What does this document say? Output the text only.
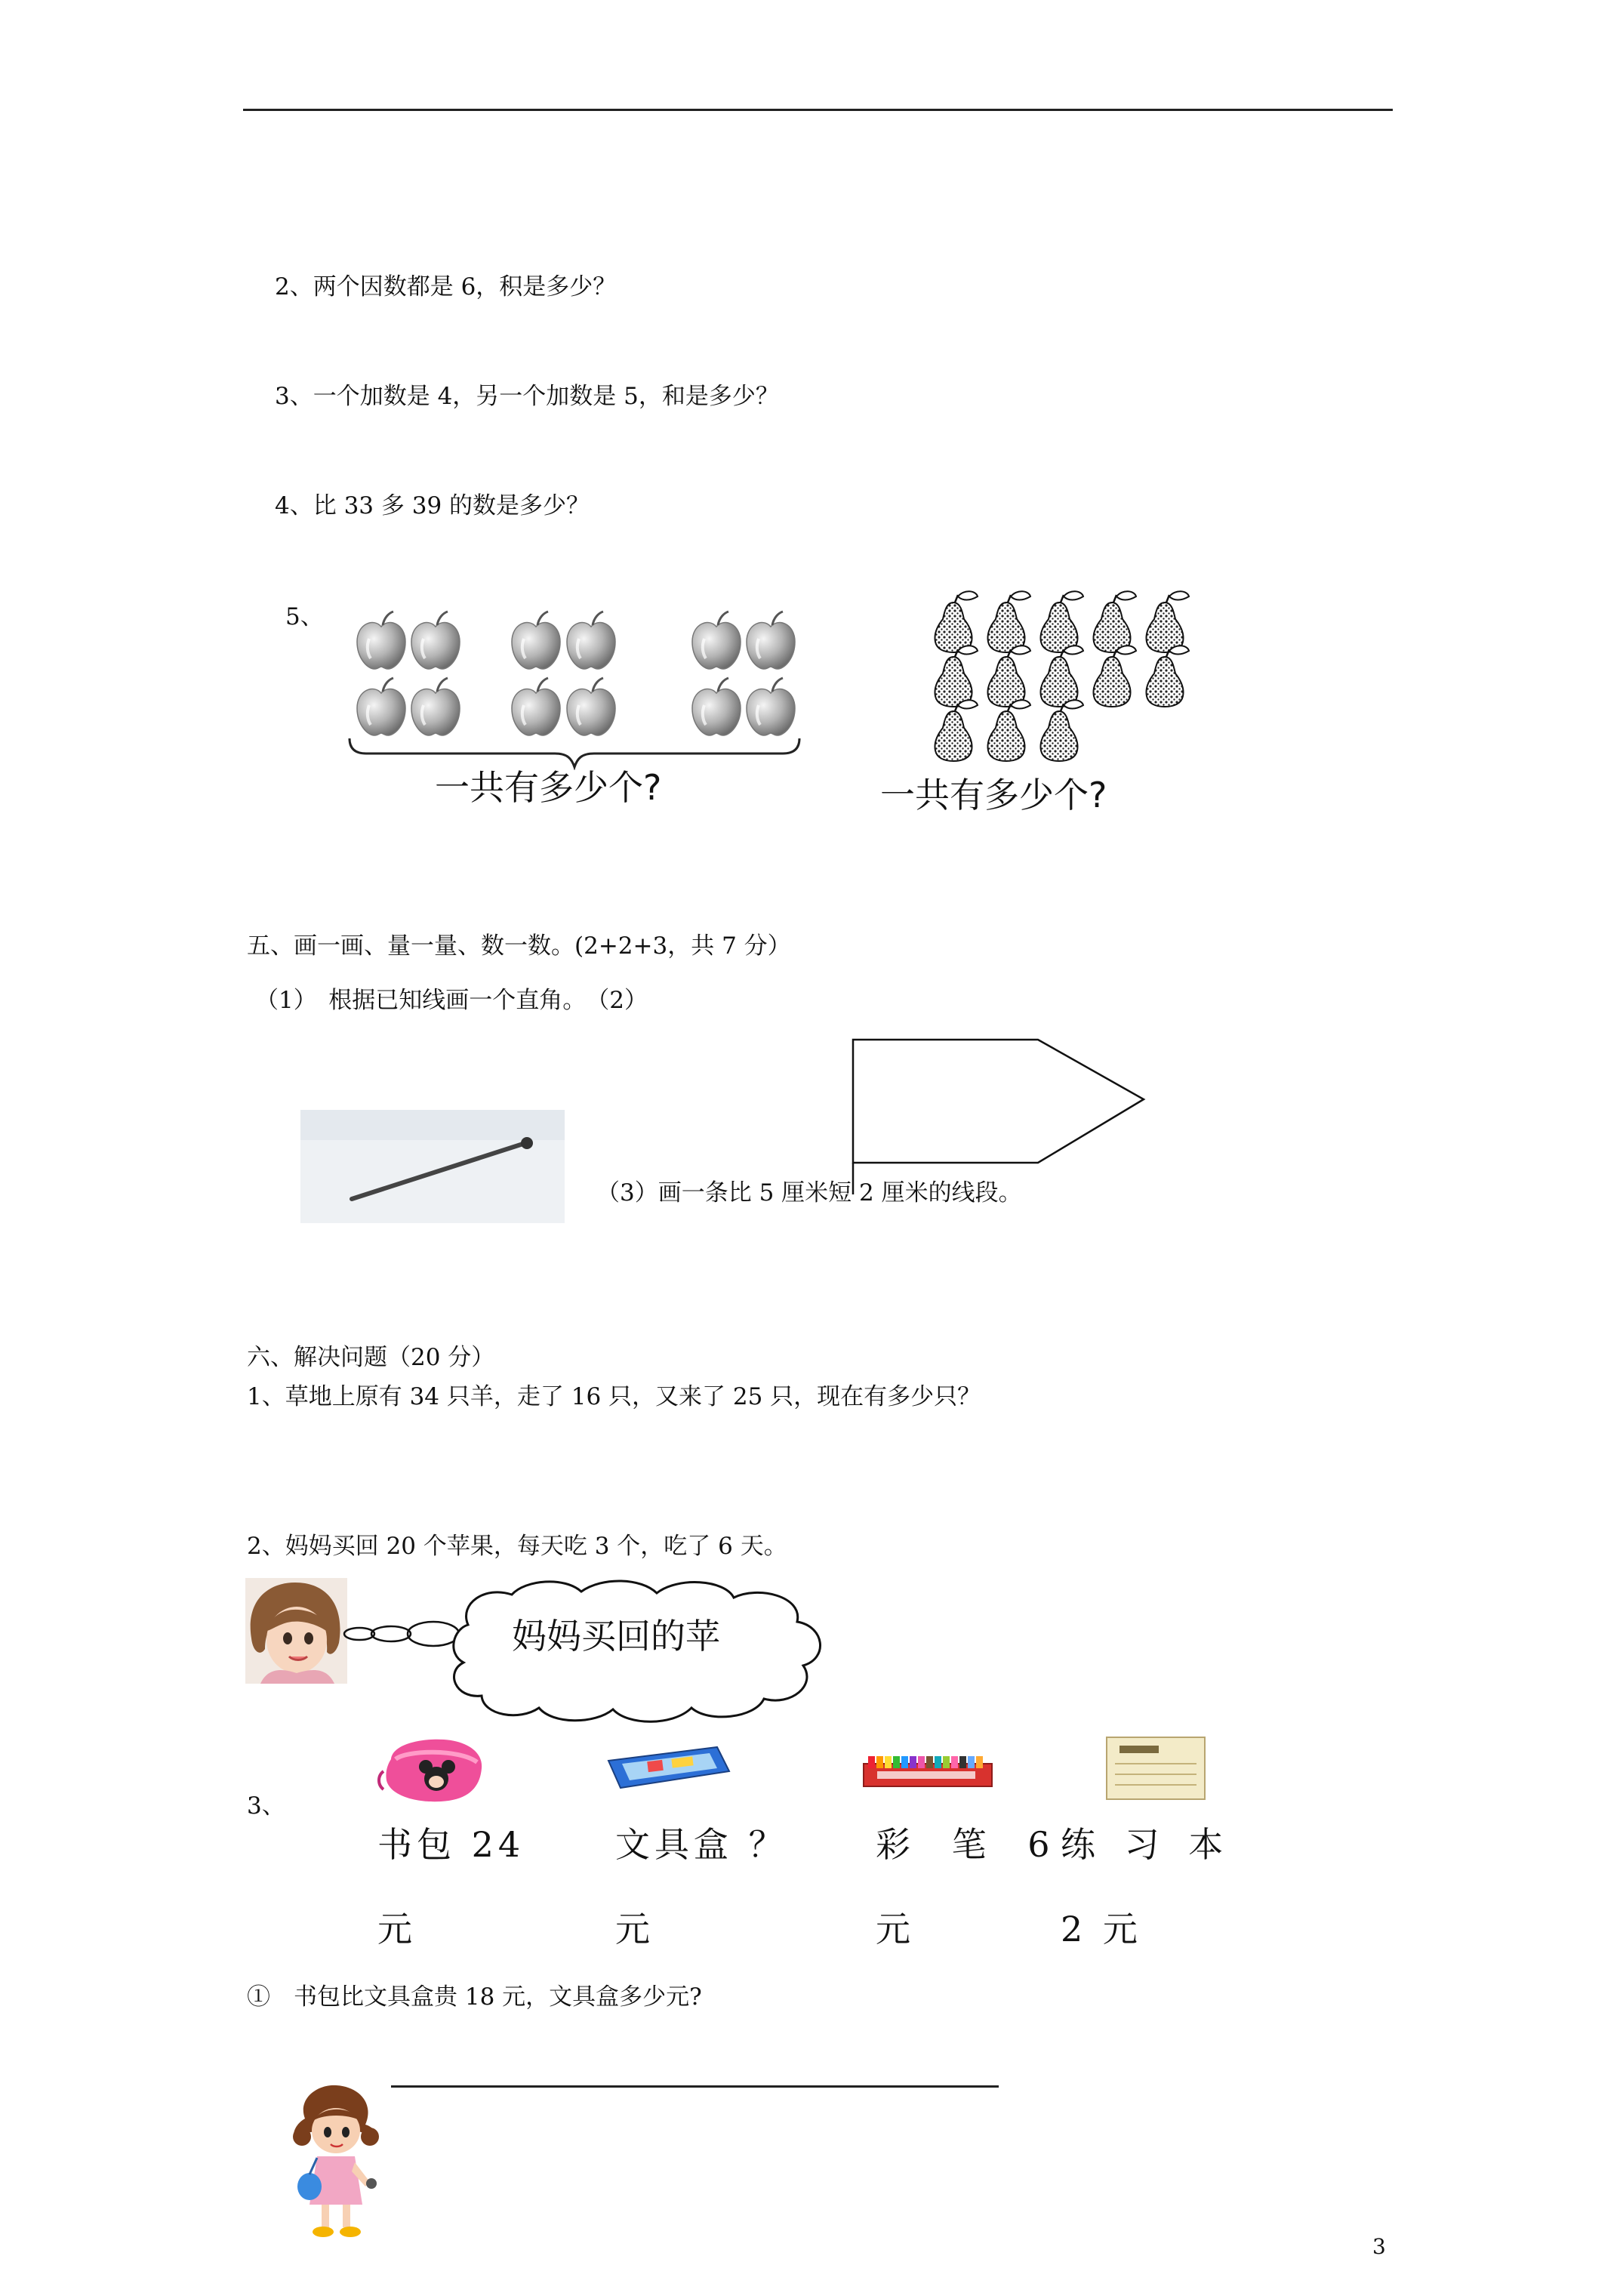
2、两个因数都是 6，积是多少？
3、一个加数是 4，另一个加数是 5，和是多少？
4、比 33 多 39 的数是多少？
5、
一共有多少个?	一共有多少个?
五、画一画、量一量、数一数。(2+2+3，共 7 分）
（1）　根据已知线画一个直角。　（2）
（3）画一条比 5 厘米短 2 厘米的线段。
六、解决问题（20 分）
1、草地上原有 34 只羊，走了 16 只，又来了 25 只，现在有多少只？
2、妈妈买回 20 个苹果，每天吃 3 个，吃了 6 天。
妈妈买回的苹
3、
书包 24
元
文具盒 ？
元
彩 笔 6
元
练 习 本
2 元
①　书包比文具盒贵 18 元，文具盒多少元?
3
